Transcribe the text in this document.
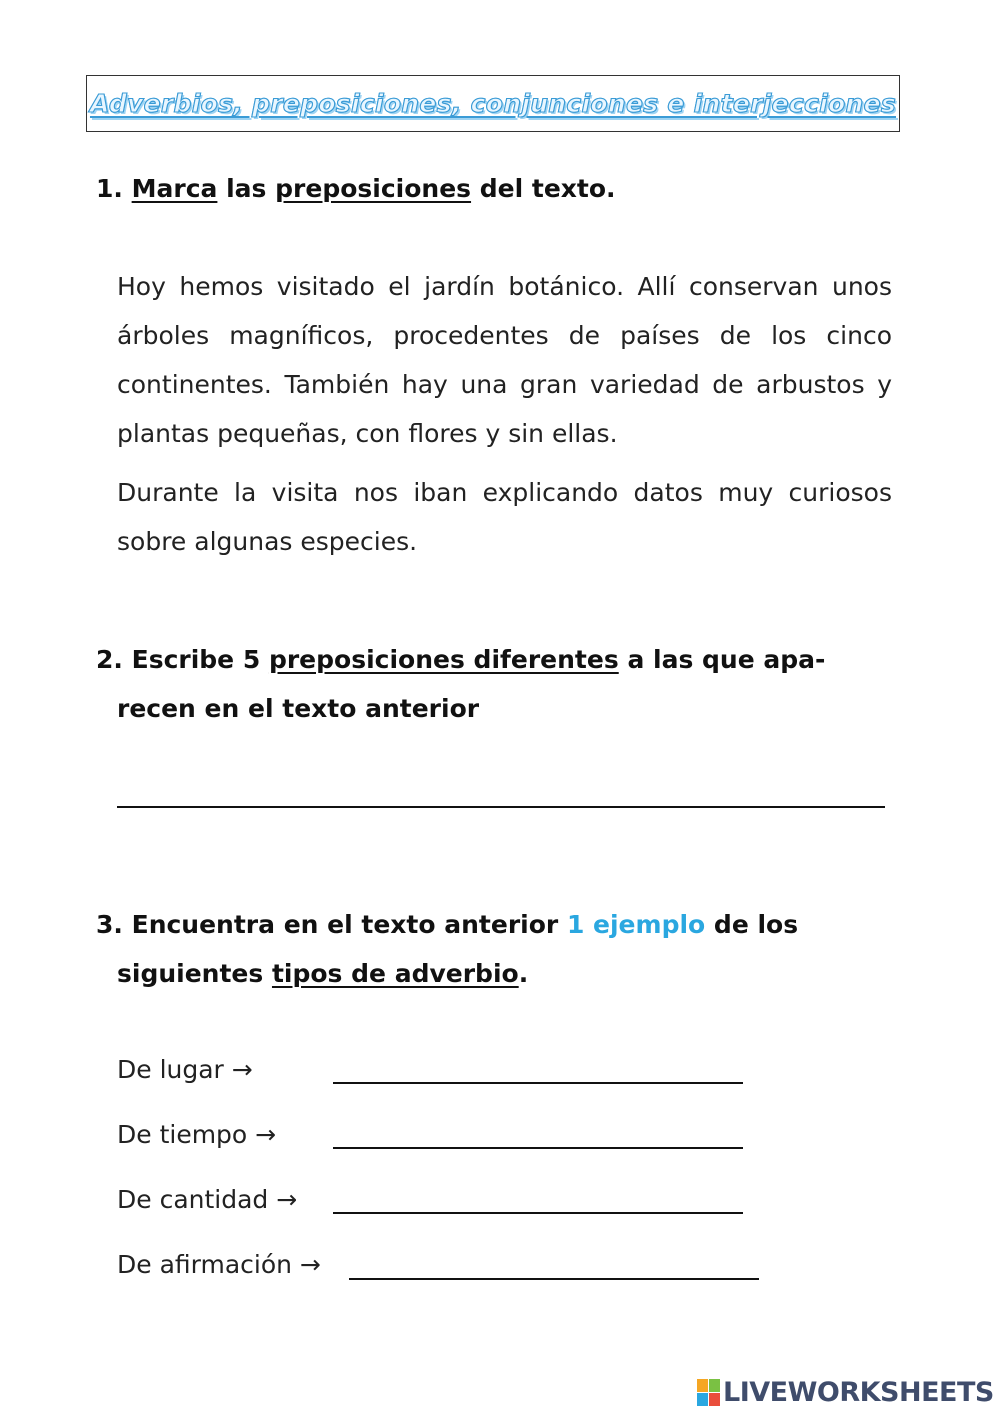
Adverbios, preposiciones, conjunciones e interjecciones
1. Marca las preposiciones del texto.
Hoy hemos visitado el jardín botánico. Allí conservan unos árboles magníficos, procedentes de países de los cinco continentes. También hay una gran variedad de arbustos y plantas pequeñas, con flores y sin ellas.
Durante la visita nos iban explicando datos muy curiosos sobre algunas especies.
2. Escribe 5 preposiciones diferentes a las que apa-
recen en el texto anterior
3. Encuentra en el texto anterior 1 ejemplo de los
siguientes tipos de adverbio.
De lugar →
De tiempo →
De cantidad →
De afirmación →
LIVEWORKSHEETS
